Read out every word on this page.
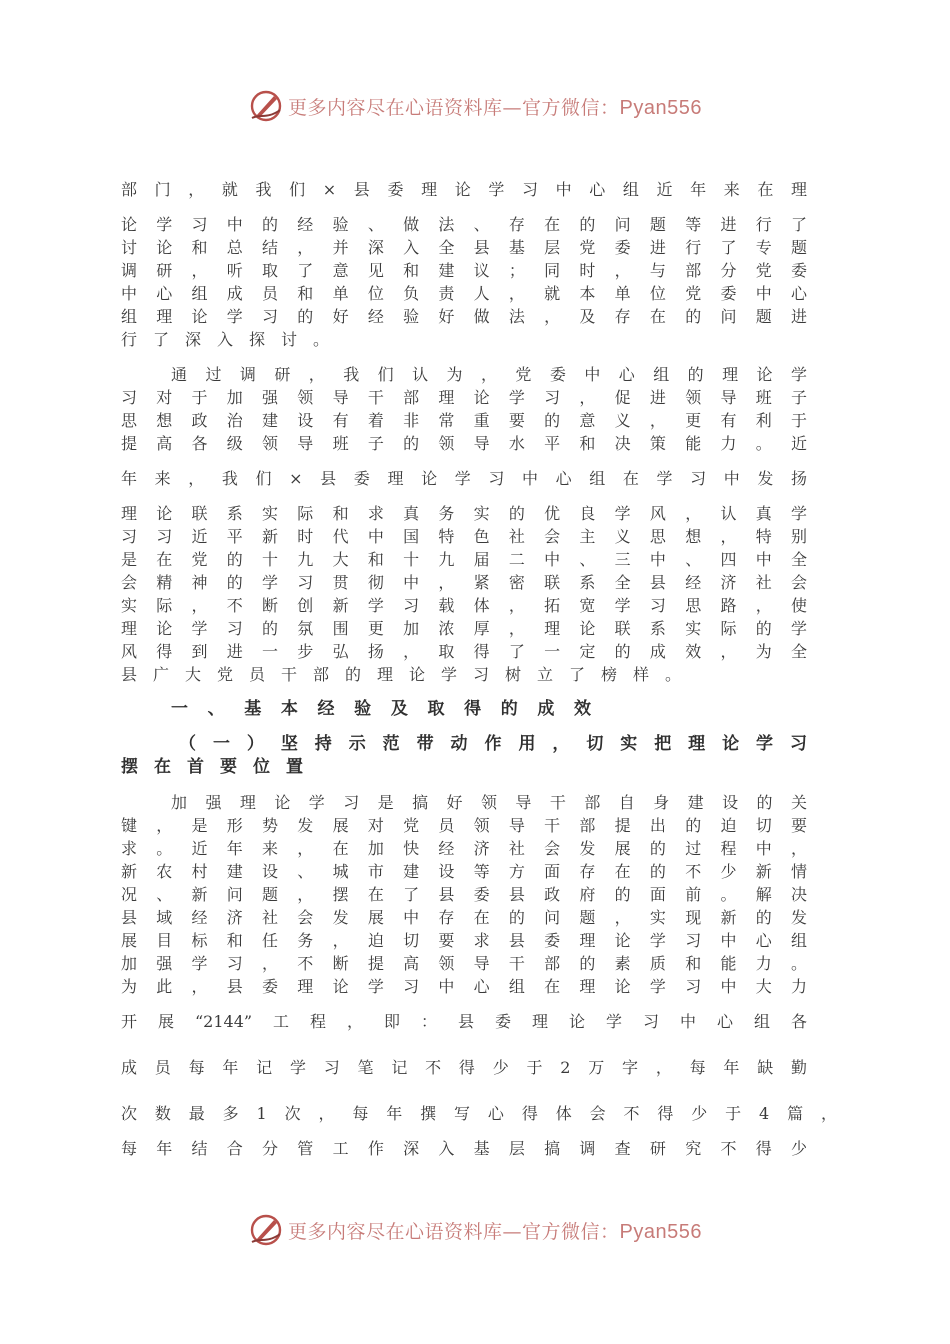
更多内容尽在心语资料库—官方微信：Pyan556
部门，就我们×县委理论学习中心组近年来在理
论学习中的经验、做法、存在的问题等进行了
讨论和总结，并深入全县基层党委进行了专题
调研，听取了意见和建议；同时，与部分党委
中心组成员和单位负责人，就本单位党委中心
组理论学习的好经验好做法，及存在的问题进
行了深入探讨。
通过调研，我们认为，党委中心组的理论学
习对于加强领导干部理论学习，促进领导班子
思想政治建设有着非常重要的意义，更有利于
提高各级领导班子的领导水平和决策能力。近
年来，我们×县委理论学习中心组在学习中发扬
理论联系实际和求真务实的优良学风，认真学
习习近平新时代中国特色社会主义思想，特别
是在党的十九大和十九届二中、三中、四中全
会精神的学习贯彻中，紧密联系全县经济社会
实际，不断创新学习载体，拓宽学习思路，使
理论学习的氛围更加浓厚，理论联系实际的学
风得到进一步弘扬，取得了一定的成效，为全
县广大党员干部的理论学习树立了榜样。
一、基本经验及取得的成效
（一）坚持示范带动作用，切实把理论学习
摆在首要位置
加强理论学习是搞好领导干部自身建设的关
键，是形势发展对党员领导干部提出的迫切要
求。近年来，在加快经济社会发展的过程中，
新农村建设、城市建设等方面存在的不少新情
况、新问题，摆在了县委县政府的面前。解决
县域经济社会发展中存在的问题，实现新的发
展目标和任务，迫切要求县委理论学习中心组
加强学习，不断提高领导干部的素质和能力。
为此，县委理论学习中心组在理论学习中大力
开展“2144”工程，即：县委理论学习中心组各
成员每年记学习笔记不得少于2万字，每年缺勤
次数最多1次，每年撰写心得体会不得少于4篇，
每年结合分管工作深入基层搞调查研究不得少
更多内容尽在心语资料库—官方微信：Pyan556
